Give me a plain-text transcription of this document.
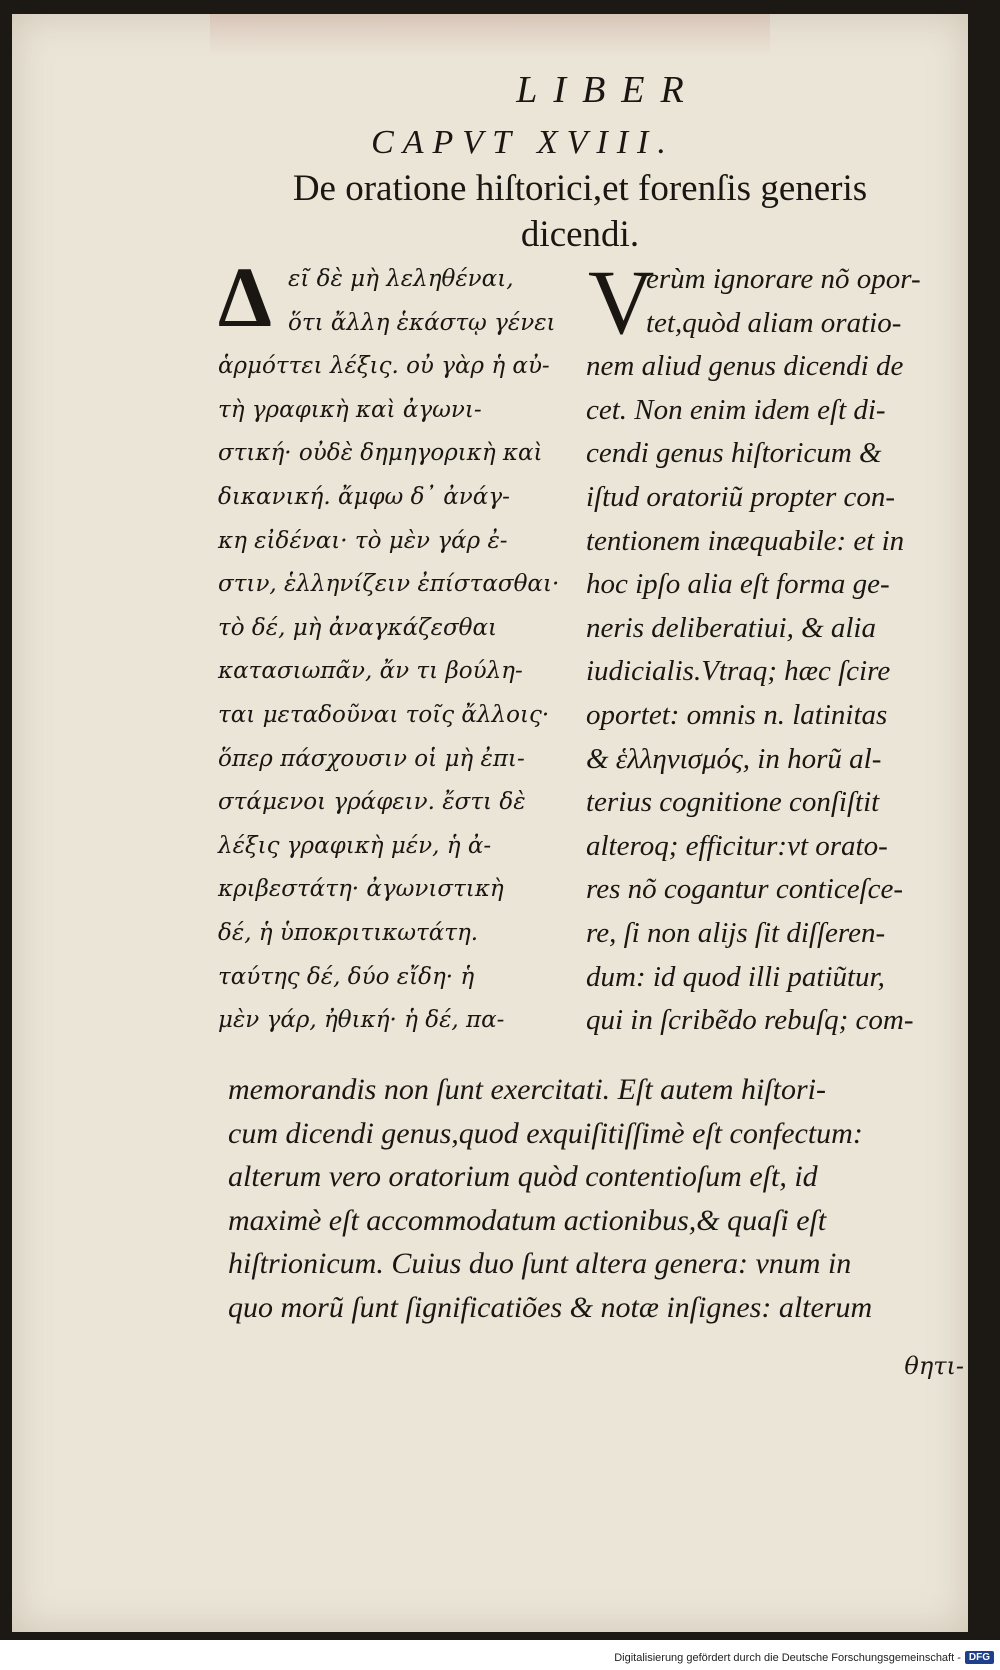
LIBER
CAPVT XVIII.
De oratione hiſtorici,et forenſis generis
dicendi.
Δ εῖ δὲ μὴ λεληθέναι,
ὅτι ἄλλη ἑκάστῳ γένει
ἁρμόττει λέξις. οὐ γὰρ ἡ αὐ-
τὴ γραφικὴ καὶ ἀγωνι-
στική· οὐδὲ δημηγορικὴ καὶ
δικανική. ἄμφω δ᾽ ἀνάγ-
κη εἰδέναι· τὸ μὲν γάρ ἐ-
στιν, ἑλληνίζειν ἐπίστασθαι·
τὸ δέ, μὴ ἀναγκάζεσθαι
κατασιωπᾶν, ἄν τι βούλη-
ται μεταδοῦναι τοῖς ἄλλοις·
ὅπερ πάσχουσιν οἱ μὴ ἐπι-
στάμενοι γράφειν. ἔστι δὲ
λέξις γραφικὴ μέν, ἡ ἀ-
κριβεστάτη· ἀγωνιστικὴ
δέ, ἡ ὑποκριτικωτάτη.
ταύτης δέ, δύο εἴδη· ἡ
μὲν γάρ, ἠθική· ἡ δέ, πα-
V
erùm ignorare nõ opor-
tet,quòd aliam oratio-
nem aliud genus dicendi de
cet. Non enim idem eſt di-
cendi genus hiſtoricum &
iſtud oratoriũ propter con-
tentionem inæquabile: et in
hoc ipſo alia eſt forma ge-
neris deliberatiui, & alia
iudicialis.Vtraq; hæc ſcire
oportet: omnis n. latinitas
& ἑλληνισμός, in horũ al-
terius cognitione conſiſtit
alteroq; efficitur:vt orato-
res nõ cogantur conticeſce-
re, ſi non alijs ſit diſſeren-
dum: id quod illi patiũtur,
qui in ſcribẽdo rebuſq; com-
memorandis non ſunt exercitati. Eſt autem hiſtori-
cum dicendi genus,quod exquiſitiſſimè eſt confectum:
alterum vero oratorium quòd contentioſum eſt, id
maximè eſt accommodatum actionibus,& quaſi eſt
hiſtrionicum. Cuius duo ſunt altera genera: vnum in
quo morũ ſunt ſignificatiões & notæ inſignes: alterum
θητι-
Digitalisierung gefördert durch die Deutsche Forschungsgemeinschaft - DFG
